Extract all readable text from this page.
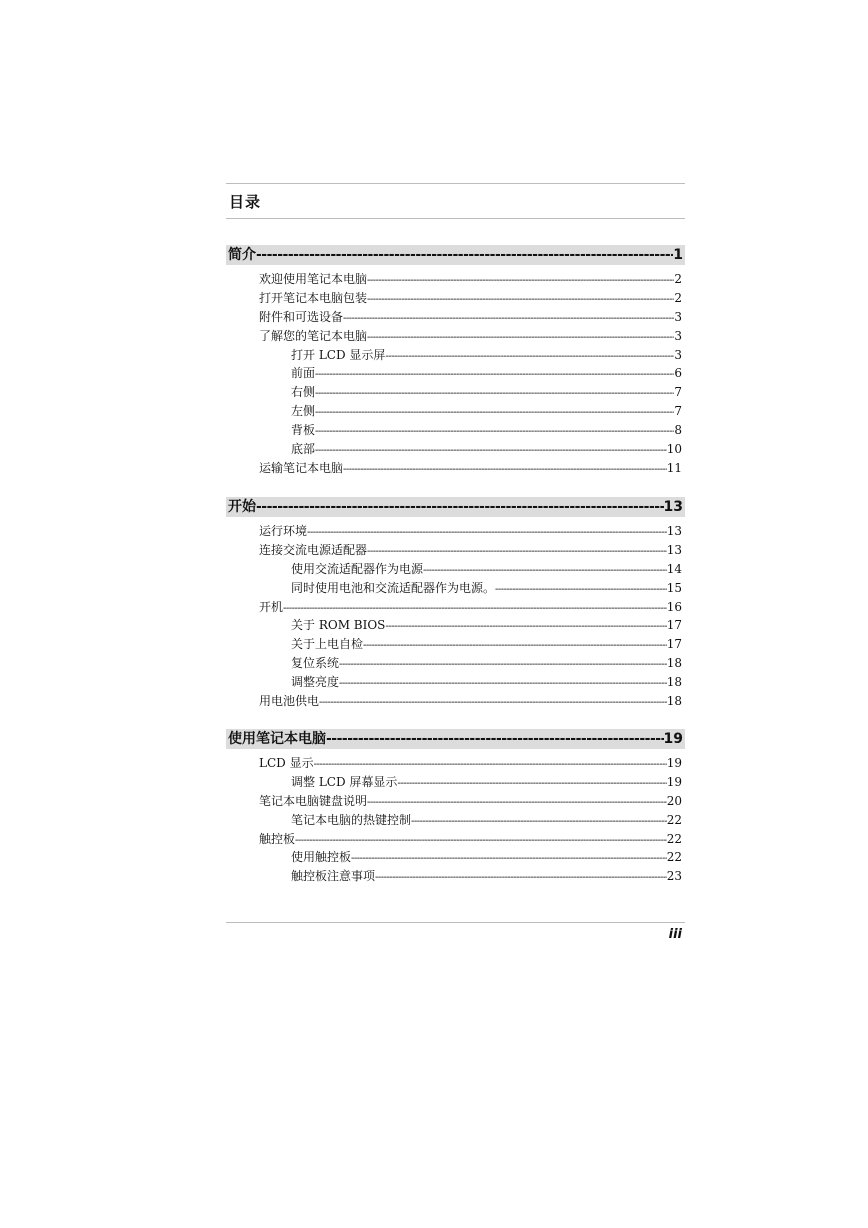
目录
简介 -----	1
欢迎使用笔记本电脑 -----	2
打开笔记本电脑包装 -----	2
附件和可选设备 -----	3
了解您的笔记本电脑 -----	3
打开 LCD 显示屏 -----	3
前面 -----	6
右侧 -----	7
左侧 -----	7
背板 -----	8
底部 -----	10
运输笔记本电脑 -----	11
开始 -----	13
运行环境 -----	13
连接交流电源适配器 -----	13
使用交流适配器作为电源 -----	14
同时使用电池和交流适配器作为电源。 -----	15
开机 -----	16
关于 ROM BIOS -----	17
关于上电自检 -----	17
复位系统 -----	18
调整亮度 -----	18
用电池供电 -----	18
使用笔记本电脑 -----	19
LCD 显示 -----	19
调整 LCD 屏幕显示 -----	19
笔记本电脑键盘说明 -----	20
笔记本电脑的热键控制 -----	22
触控板 -----	22
使用触控板 -----	22
触控板注意事项 -----	23
iii
